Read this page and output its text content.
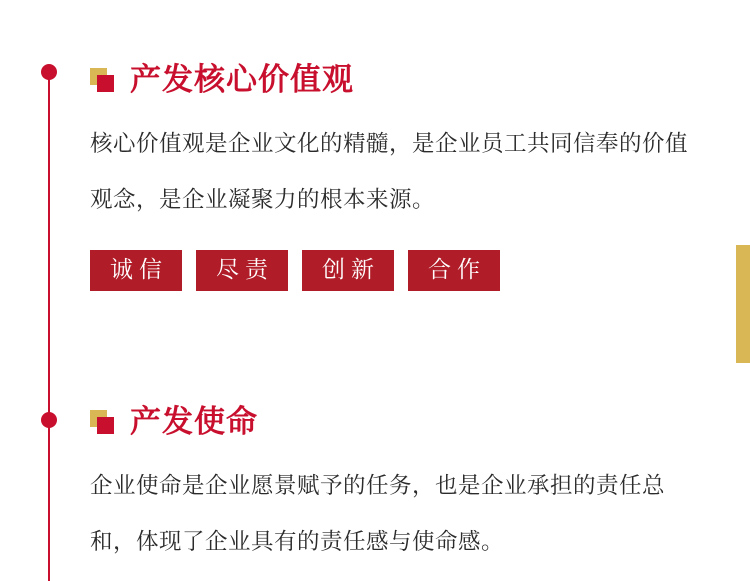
产发核心价值观
核心价值观是企业文化的精髓，是企业员工共同信奉的价值观念，是企业凝聚力的根本来源。
诚信	尽责	创新	合作
产发使命
企业使命是企业愿景赋予的任务，也是企业承担的责任总和，体现了企业具有的责任感与使命感。
